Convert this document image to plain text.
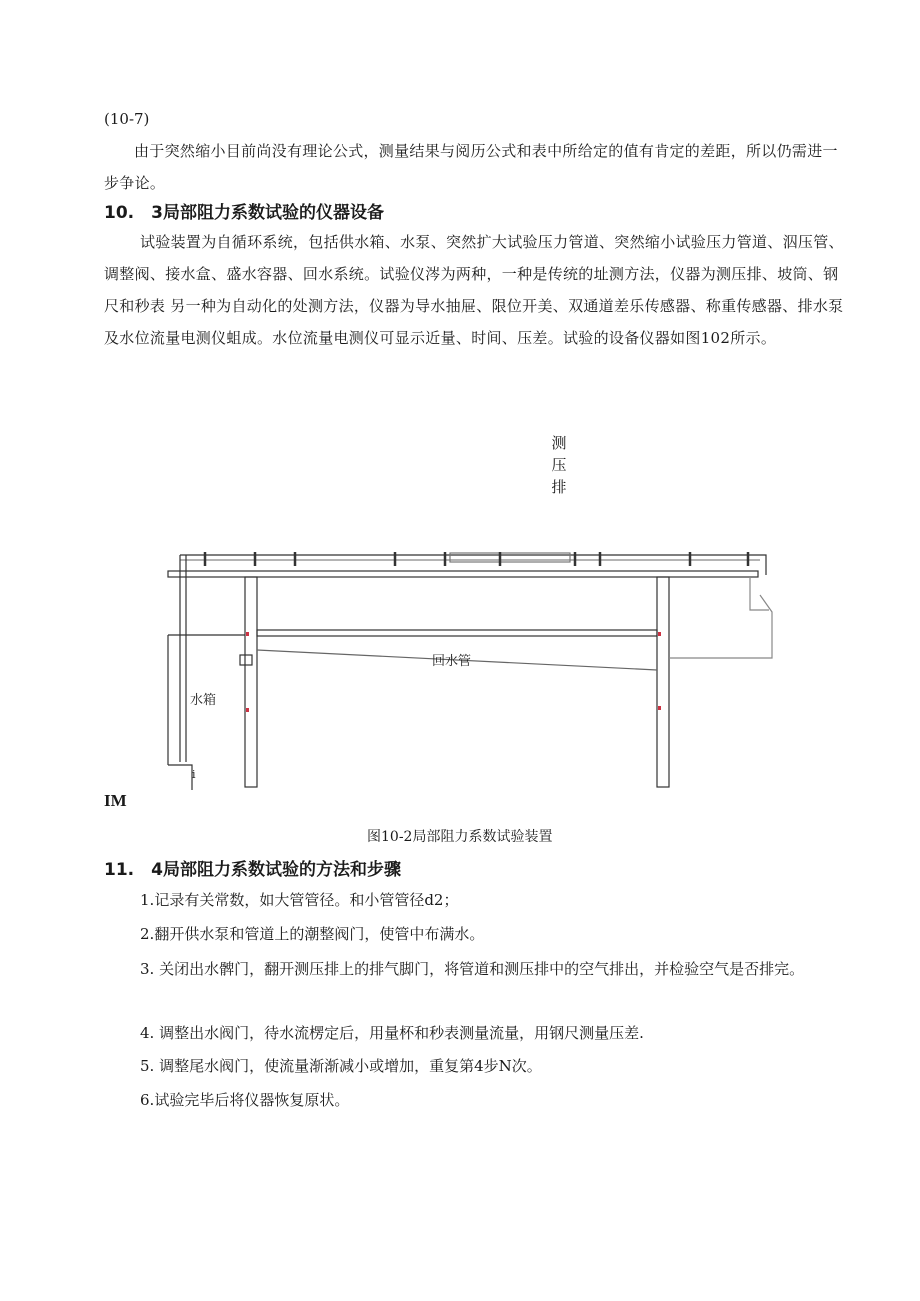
(10-7)
由于突然缩小目前尚没有理论公式，测量结果与阅历公式和表中所给定的值有肯定的差距，所以仍需进一步争论。
10.　3局部阻力系数试验的仪器设备
试验装置为自循环系统，包括供水箱、水泵、突然扩大试验压力管道、突然缩小试验压力管道、泅压管、调整阀、接水盒、盛水容器、回水系统。试验仪涔为两种，一种是传统的址测方法，仪器为测压排、坡筒、钢尺和秒表 另一种为自动化的处测方法，仪器为导水抽屉、限位开美、双通道差乐传感器、称重传感器、排水泵及水位流量电测仪蛆成。水位流量电测仪可显示近量、时间、压差。试验的设备仪器如图102所示。
测
压
排
回水管
水箱
i
IM
图10-2局部阻力系数试验装置
11.　4局部阻力系数试验的方法和步骤
1.记录有关常数，如大管管径。和小管管径d2；
2.翻开供水泵和管道上的潮整阀门，使管中布满水。
3. 关闭出水髀门，翻开测压排上的排气脚门，将管道和测压排中的空气排出，并检验空气是否排完。
4. 调整出水阀门，待水流楞定后，用量杯和秒表测量流量，用钢尺测量压差.
5. 调整尾水阀门，使流量渐渐减小或增加，重复第4步N次。
6.试验完毕后将仪器恢复原状。
